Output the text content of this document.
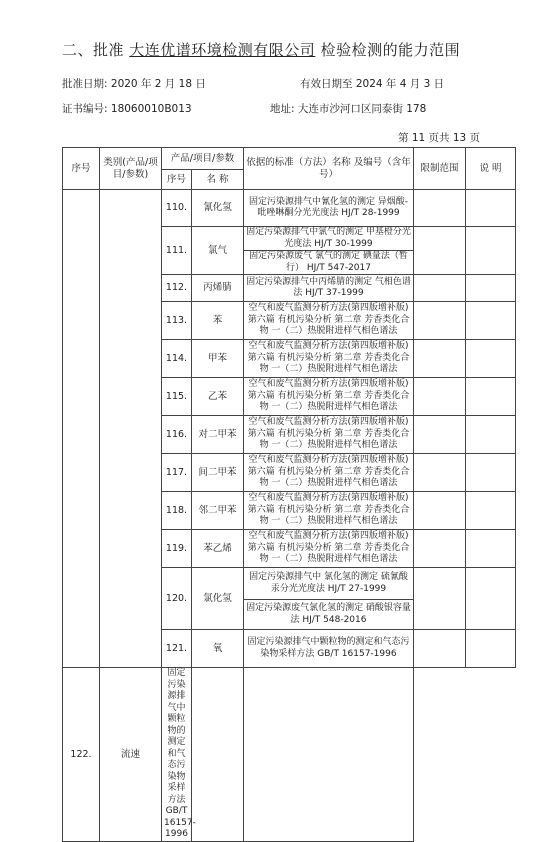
二、批准 大连优谱环境检测有限公司 检验检测的能力范围
批准日期: 2020 年 2 月 18 日	有效日期至 2024 年 4 月 3 日
证书编号: 18060010B013	地址: 大连市沙河口区同泰街 178
第 11 页共 13 页
序号	类别(产品/项目/参数)	产品/项目/参数		依据的标准（方法）名称 及编号（含年号）	限制范围	说 明
		序号	名 称			
		110.	氰化氢	固定污染源排气中氰化氢的测定 异烟酸-吡唑啉酮分光光度法 HJ/T 28-1999		
		111.	氯气	固定污染源排气中氯气的测定 甲基橙分光光度法 HJ/T 30-1999		
				固定污染源废气 氯气的测定 碘量法（暂行） HJ/T 547-2017		
		112.	丙烯腈	固定污染源排气中丙烯腈的测定 气相色谱法 HJ/T 37-1999		
		113.	苯	空气和废气监测分析方法(第四版增补版) 第六篇 有机污染分析 第二章 芳香类化合物 一（二）热脱附进样气相色谱法		
		114.	甲苯	空气和废气监测分析方法(第四版增补版) 第六篇 有机污染分析 第二章 芳香类化合物 一（二）热脱附进样气相色谱法		
		115.	乙苯	空气和废气监测分析方法(第四版增补版) 第六篇 有机污染分析 第二章 芳香类化合物 一（二）热脱附进样气相色谱法		
		116.	对二甲苯	空气和废气监测分析方法(第四版增补版) 第六篇 有机污染分析 第二章 芳香类化合物 一（二）热脱附进样气相色谱法		
		117.	间二甲苯	空气和废气监测分析方法(第四版增补版) 第六篇 有机污染分析 第二章 芳香类化合物 一（二）热脱附进样气相色谱法		
		118.	邻二甲苯	空气和废气监测分析方法(第四版增补版) 第六篇 有机污染分析 第二章 芳香类化合物 一（二）热脱附进样气相色谱法		
		119.	苯乙烯	空气和废气监测分析方法(第四版增补版) 第六篇 有机污染分析 第二章 芳香类化合物 一（二）热脱附进样气相色谱法		
		120.	氯化氢	固定污染源排气中 氯化氢的测定 硫氰酸汞分光光度法 HJ/T 27-1999		
				固定污染源废气氯化氢的测定 硝酸银容量法 HJ/T 548-2016		
		121.	氧	固定污染源排气中颗粒物的测定和气态污染物采样方法 GB/T 16157-1996		
122.	流速	固定污染源排气中颗粒物的测定和气态污染物采样方法 GB/T 16157-1996				
